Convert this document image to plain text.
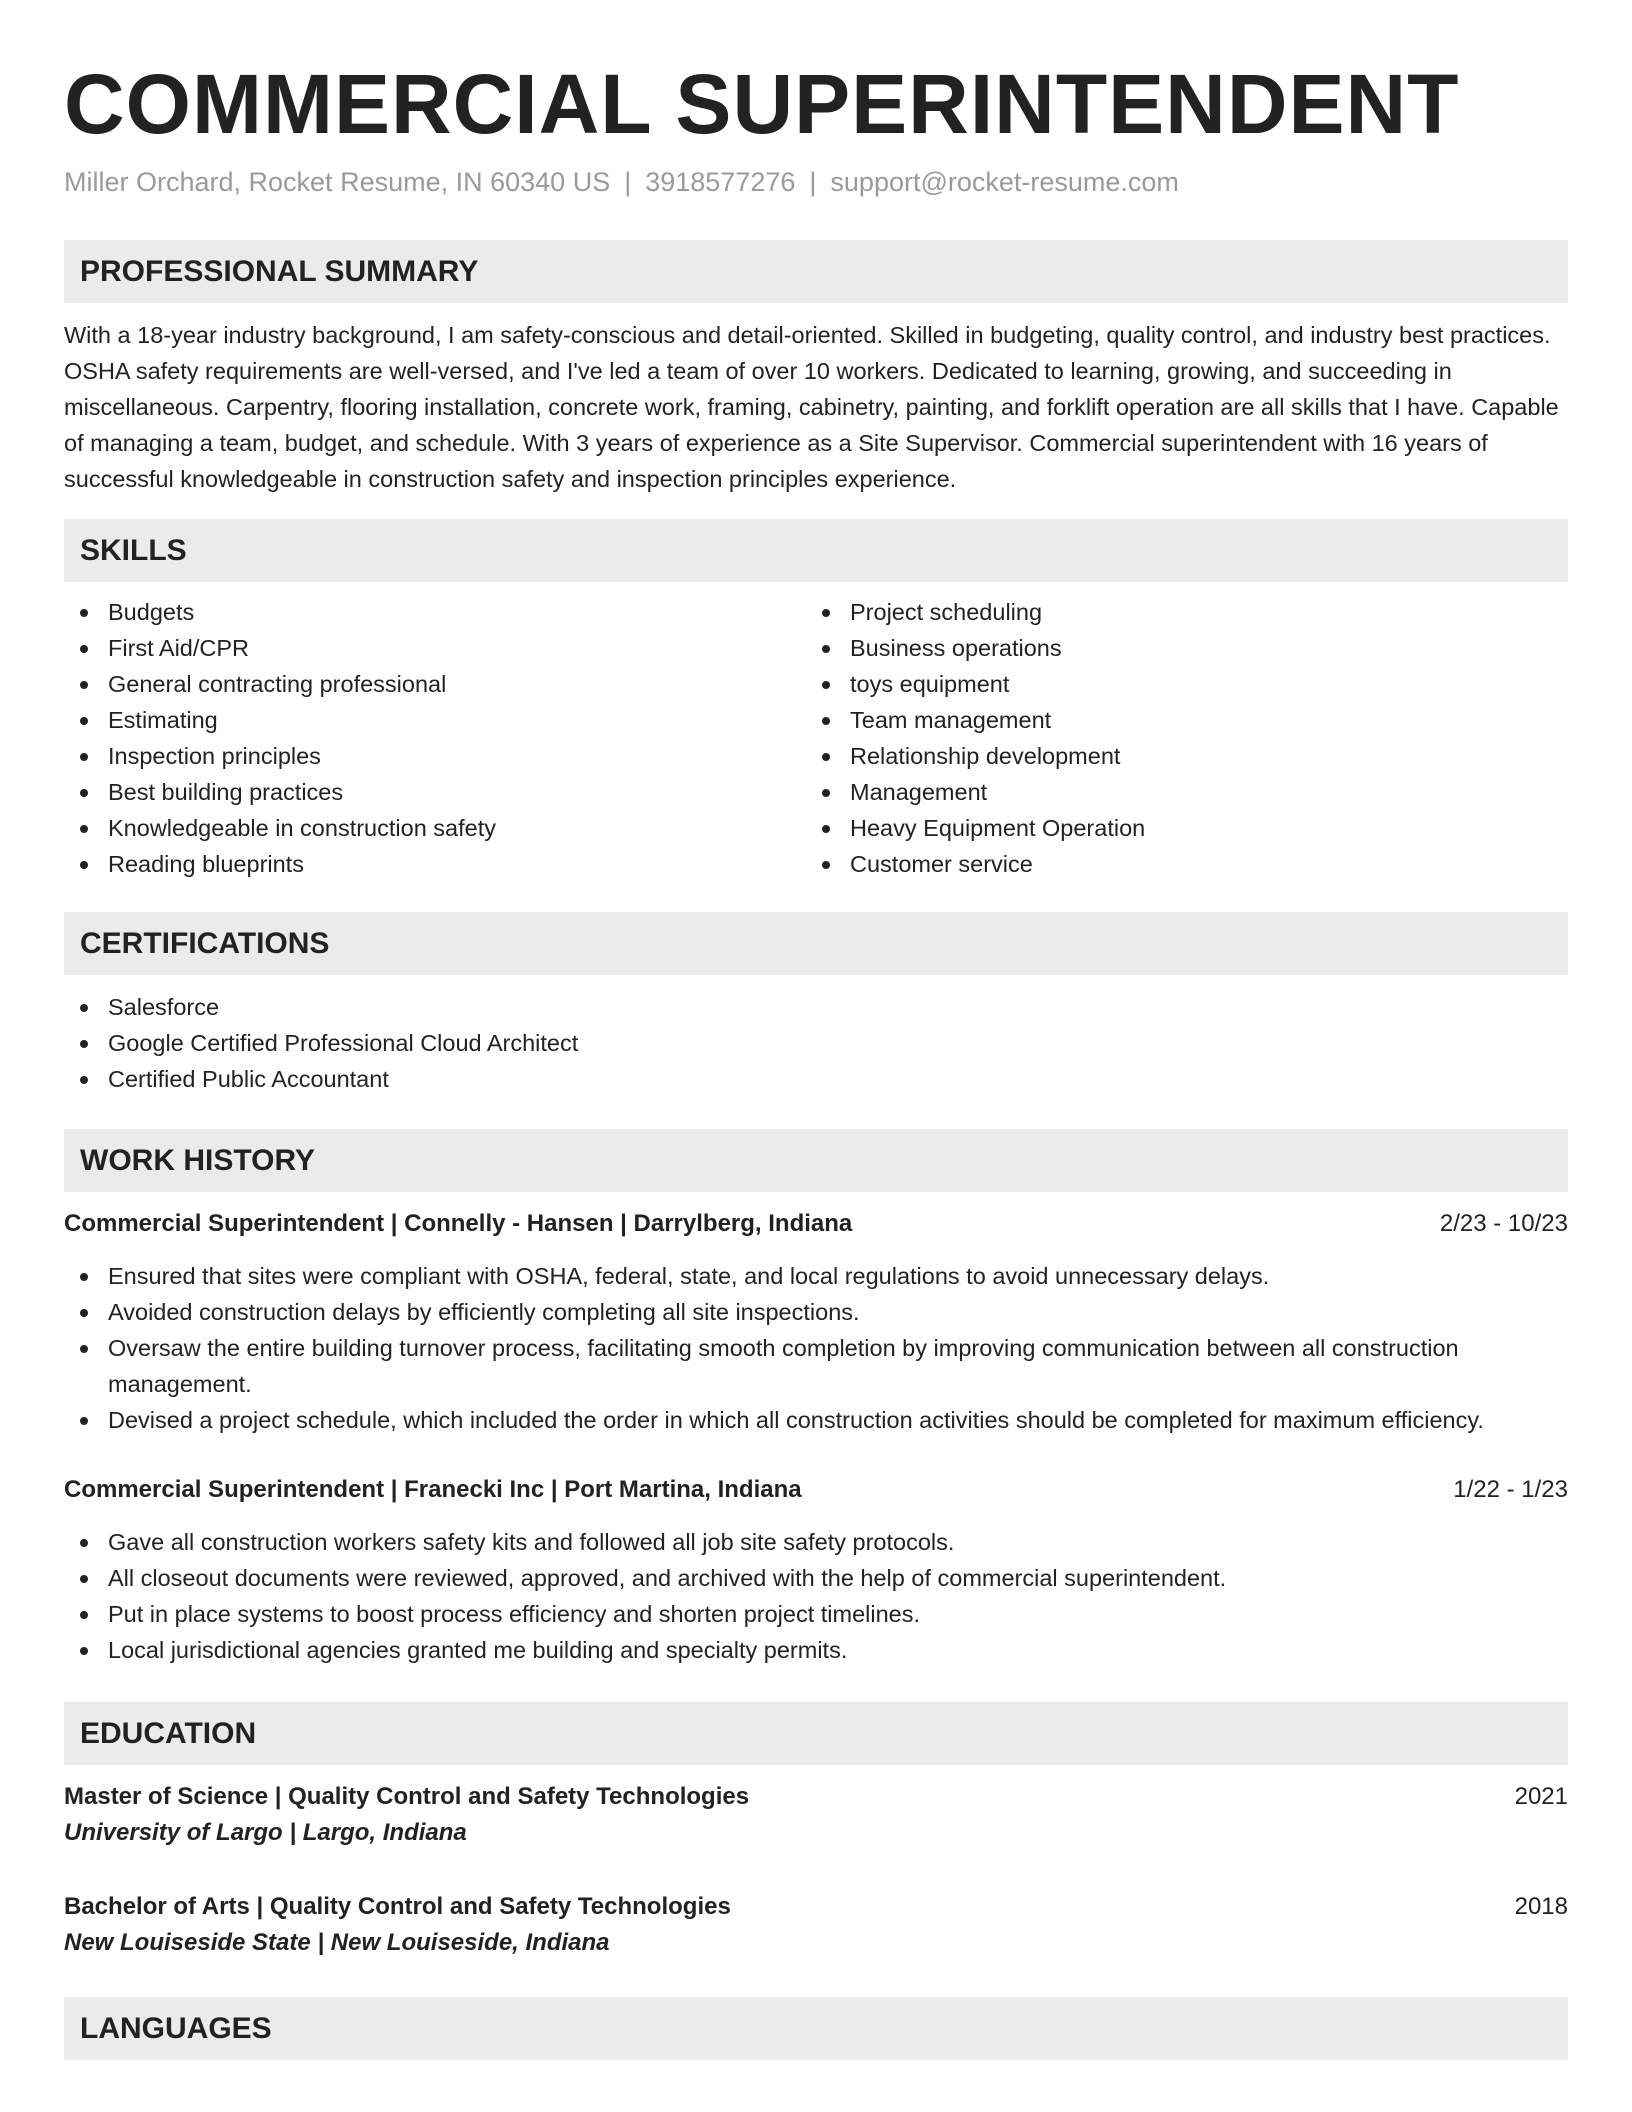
COMMERCIAL SUPERINTENDENT
Miller Orchard, Rocket Resume, IN 60340 US | 3918577276 | support@rocket-resume.com
PROFESSIONAL SUMMARY

With a 18-year industry background, I am safety-conscious and detail-oriented. Skilled in budgeting, quality control, and industry best practices. OSHA safety requirements are well-versed, and I've led a team of over 10 workers. Dedicated to learning, growing, and succeeding in miscellaneous. Carpentry, flooring installation, concrete work, framing, cabinetry, painting, and forklift operation are all skills that I have. Capable of managing a team, budget, and schedule. With 3 years of experience as a Site Supervisor. Commercial superintendent with 16 years of successful knowledgeable in construction safety and inspection principles experience.

SKILLS
Budgets
First Aid/CPR
General contracting professional
Estimating
Inspection principles
Best building practices
Knowledgeable in construction safety
Reading blueprints
Project scheduling
Business operations
toys equipment
Team management
Relationship development
Management
Heavy Equipment Operation
Customer service
CERTIFICATIONS
Salesforce
Google Certified Professional Cloud Architect
Certified Public Accountant
WORK HISTORY
Commercial Superintendent | Connelly - Hansen | Darrylberg, Indiana	2/23 - 10/23
Ensured that sites were compliant with OSHA, federal, state, and local regulations to avoid unnecessary delays.
Avoided construction delays by efficiently completing all site inspections.
Oversaw the entire building turnover process, facilitating smooth completion by improving communication between all construction management.
Devised a project schedule, which included the order in which all construction activities should be completed for maximum efficiency.
Commercial Superintendent | Franecki Inc | Port Martina, Indiana	1/22 - 1/23
Gave all construction workers safety kits and followed all job site safety protocols.
All closeout documents were reviewed, approved, and archived with the help of commercial superintendent.
Put in place systems to boost process efficiency and shorten project timelines.
Local jurisdictional agencies granted me building and specialty permits.
EDUCATION
Master of Science | Quality Control and Safety Technologies	2021
University of Largo | Largo, Indiana
Bachelor of Arts | Quality Control and Safety Technologies	2018
New Louiseside State | New Louiseside, Indiana
LANGUAGES
